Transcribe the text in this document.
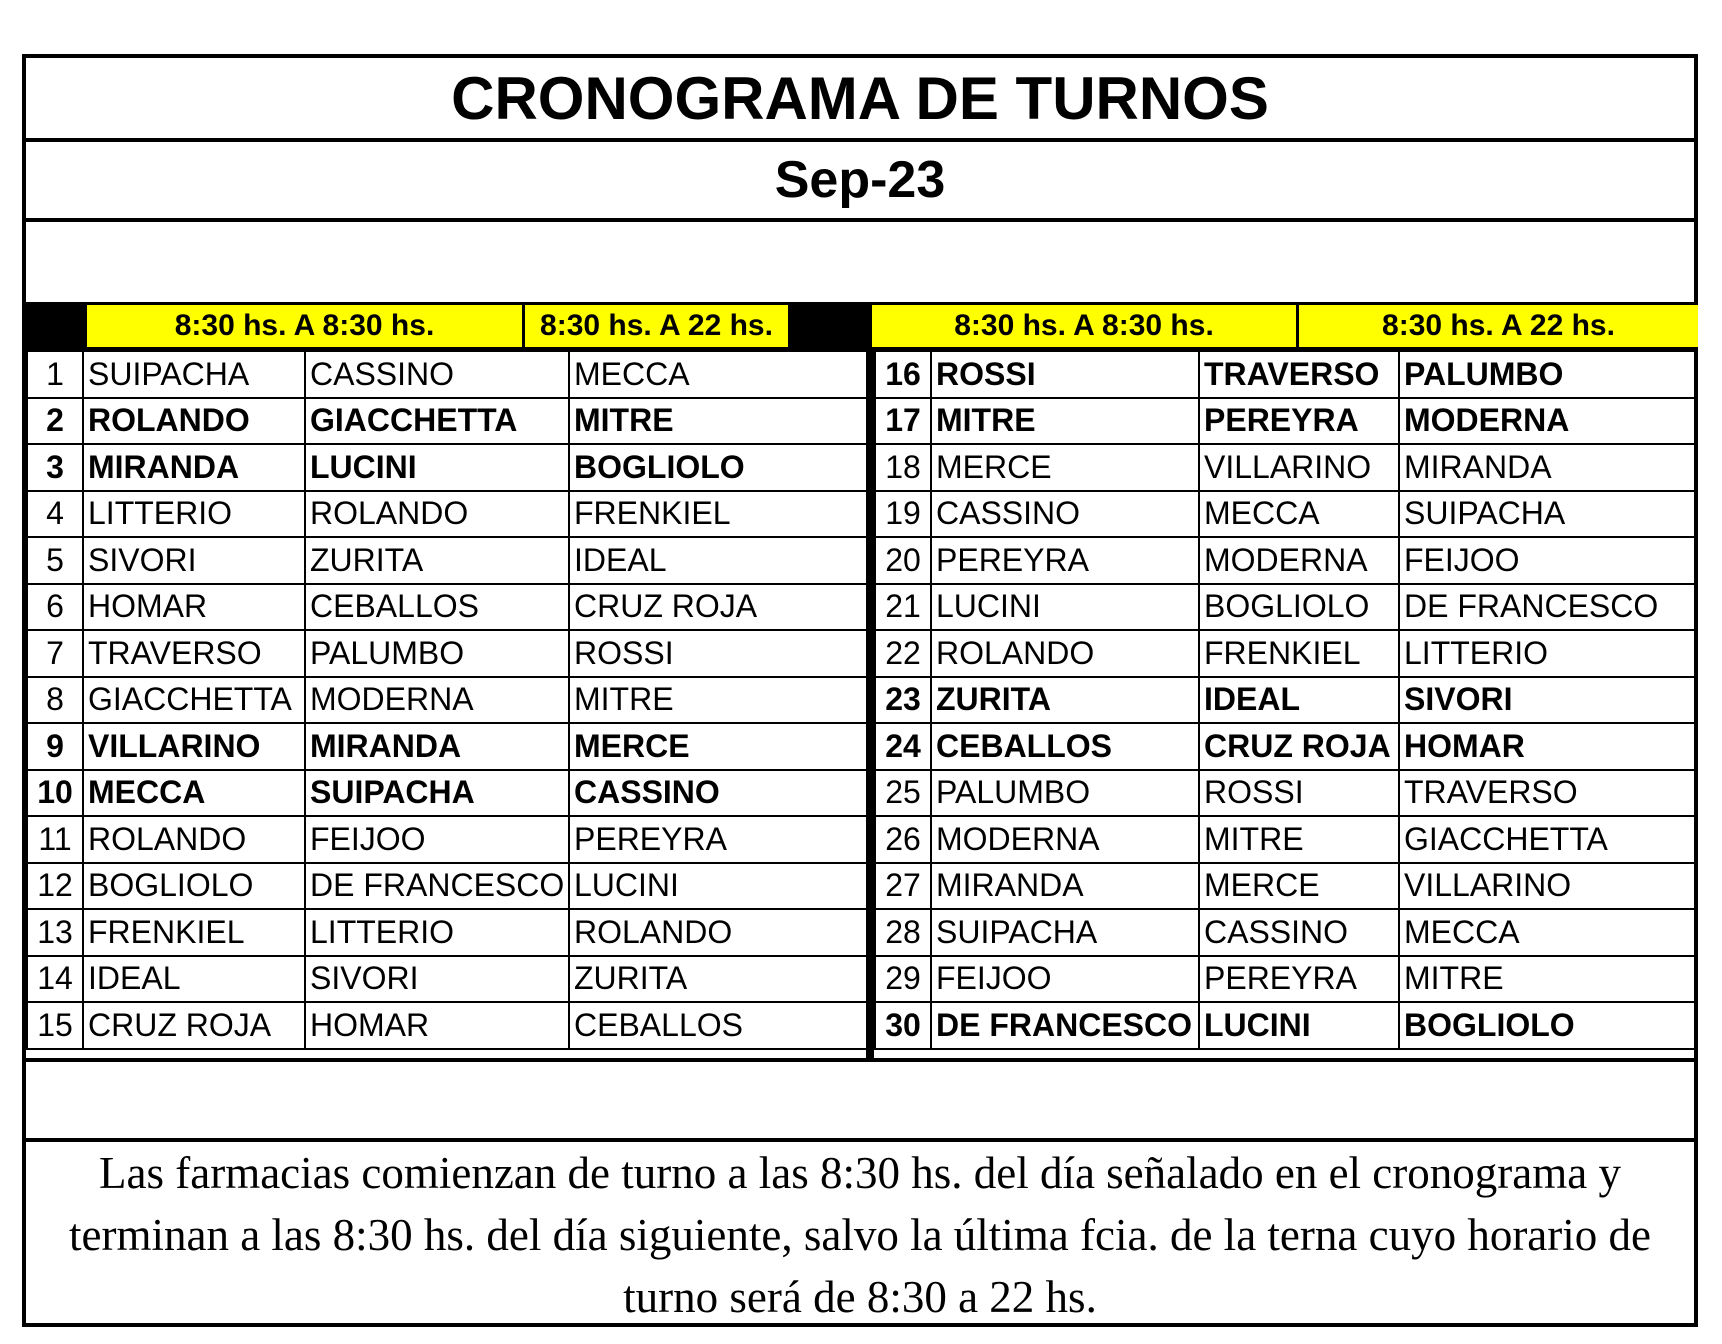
CRONOGRAMA DE TURNOS
Sep-23
8:30 hs. A 8:30 hs.	8:30 hs. A 22 hs.
1	SUIPACHA	CASSINO	MECCA
2	ROLANDO	GIACCHETTA	MITRE
3	MIRANDA	LUCINI	BOGLIOLO
4	LITTERIO	ROLANDO	FRENKIEL
5	SIVORI	ZURITA	IDEAL
6	HOMAR	CEBALLOS	CRUZ ROJA
7	TRAVERSO	PALUMBO	ROSSI
8	GIACCHETTA	MODERNA	MITRE
9	VILLARINO	MIRANDA	MERCE
10	MECCA	SUIPACHA	CASSINO
11	ROLANDO	FEIJOO	PEREYRA
12	BOGLIOLO	DE FRANCESCO	LUCINI
13	FRENKIEL	LITTERIO	ROLANDO
14	IDEAL	SIVORI	ZURITA
15	CRUZ ROJA	HOMAR	CEBALLOS
8:30 hs. A 8:30 hs.	8:30 hs. A 22 hs.
16	ROSSI	TRAVERSO	PALUMBO
17	MITRE	PEREYRA	MODERNA
18	MERCE	VILLARINO	MIRANDA
19	CASSINO	MECCA	SUIPACHA
20	PEREYRA	MODERNA	FEIJOO
21	LUCINI	BOGLIOLO	DE FRANCESCO
22	ROLANDO	FRENKIEL	LITTERIO
23	ZURITA	IDEAL	SIVORI
24	CEBALLOS	CRUZ ROJA	HOMAR
25	PALUMBO	ROSSI	TRAVERSO
26	MODERNA	MITRE	GIACCHETTA
27	MIRANDA	MERCE	VILLARINO
28	SUIPACHA	CASSINO	MECCA
29	FEIJOO	PEREYRA	MITRE
30	DE FRANCESCO	LUCINI	BOGLIOLO
Las farmacias comienzan de turno a las 8:30 hs. del día señalado en el cronograma y terminan a las 8:30 hs. del día siguiente, salvo la última fcia. de la terna cuyo horario de turno será de 8:30 a 22 hs.
